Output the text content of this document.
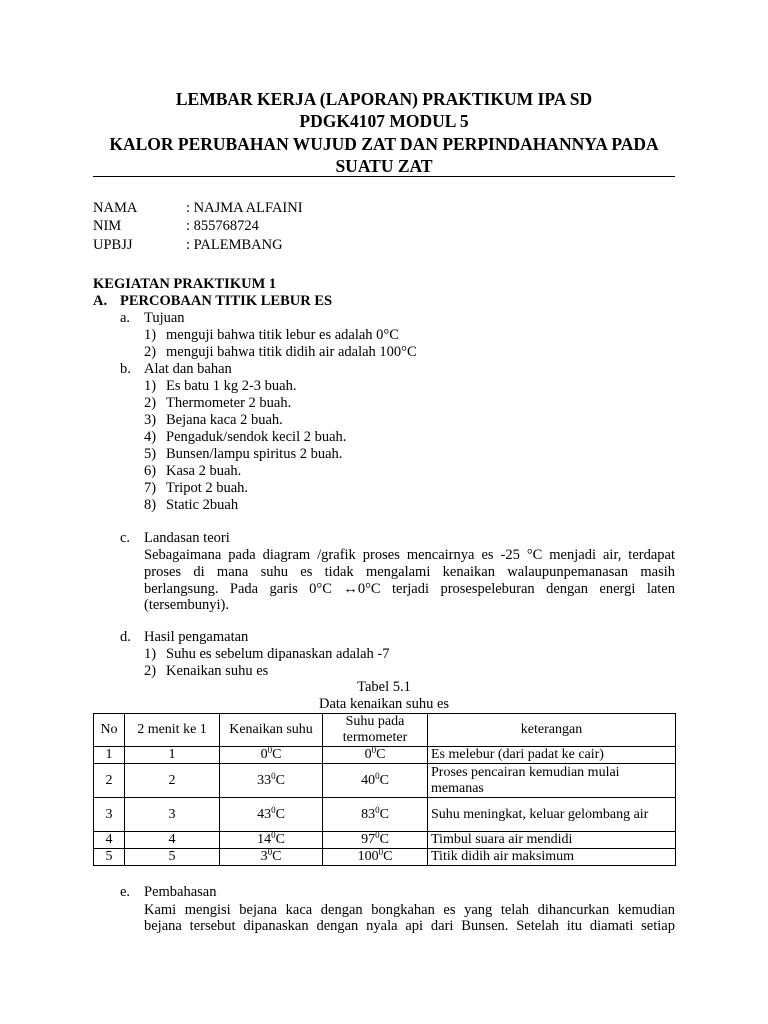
LEMBAR KERJA (LAPORAN) PRAKTIKUM IPA SD
PDGK4107 MODUL 5
KALOR PERUBAHAN WUJUD ZAT DAN PERPINDAHANNYA PADA
SUATU ZAT
NAMA	: NAJMA ALFAINI
NIM	: 855768724
UPBJJ	: PALEMBANG
KEGIATAN PRAKTIKUM 1
A. PERCOBAAN TITIK LEBUR ES
a. Tujuan
1) menguji bahwa titik lebur es adalah 0°C
2) menguji bahwa titik didih air adalah 100°C
b. Alat dan bahan
1) Es batu 1 kg 2-3 buah.
2) Thermometer 2 buah.
3) Bejana kaca 2 buah.
4) Pengaduk/sendok kecil 2 buah.
5) Bunsen/lampu spiritus 2 buah.
6) Kasa 2 buah.
7) Tripot 2 buah.
8) Static 2buah
c. Landasan teori
Sebagaimana pada diagram /grafik proses mencairnya es -25 °C menjadi air, terdapat
proses di mana suhu es tidak mengalami kenaikan walaupunpemanasan masih
berlangsung. Pada garis 0°C ↔0°C terjadi prosespeleburan dengan energi laten
(tersembunyi).
d. Hasil pengamatan
1) Suhu es sebelum dipanaskan adalah -7
2) Kenaikan suhu es
Tabel 5.1
Data kenaikan suhu es
No	2 menit ke 1	Kenaikan suhu	Suhu pada termometer	keterangan
1	1	$0^0C$	$0^0C$	Es melebur (dari padat ke cair)
2	2	$33^0C$	$40^0C$	Proses pencairan kemudian mulai memanas
3	3	$43^0C$	$83^0C$	Suhu meningkat, keluar gelombang air
4	4	$14^0C$	$97^0C$	Timbul suara air mendidi
5	5	$3^0C$	$100^0C$	Titik didih air maksimum
e. Pembahasan
Kami mengisi bejana kaca dengan bongkahan es yang telah dihancurkan kemudian
bejana tersebut dipanaskan dengan nyala api dari Bunsen. Setelah itu diamati setiap
